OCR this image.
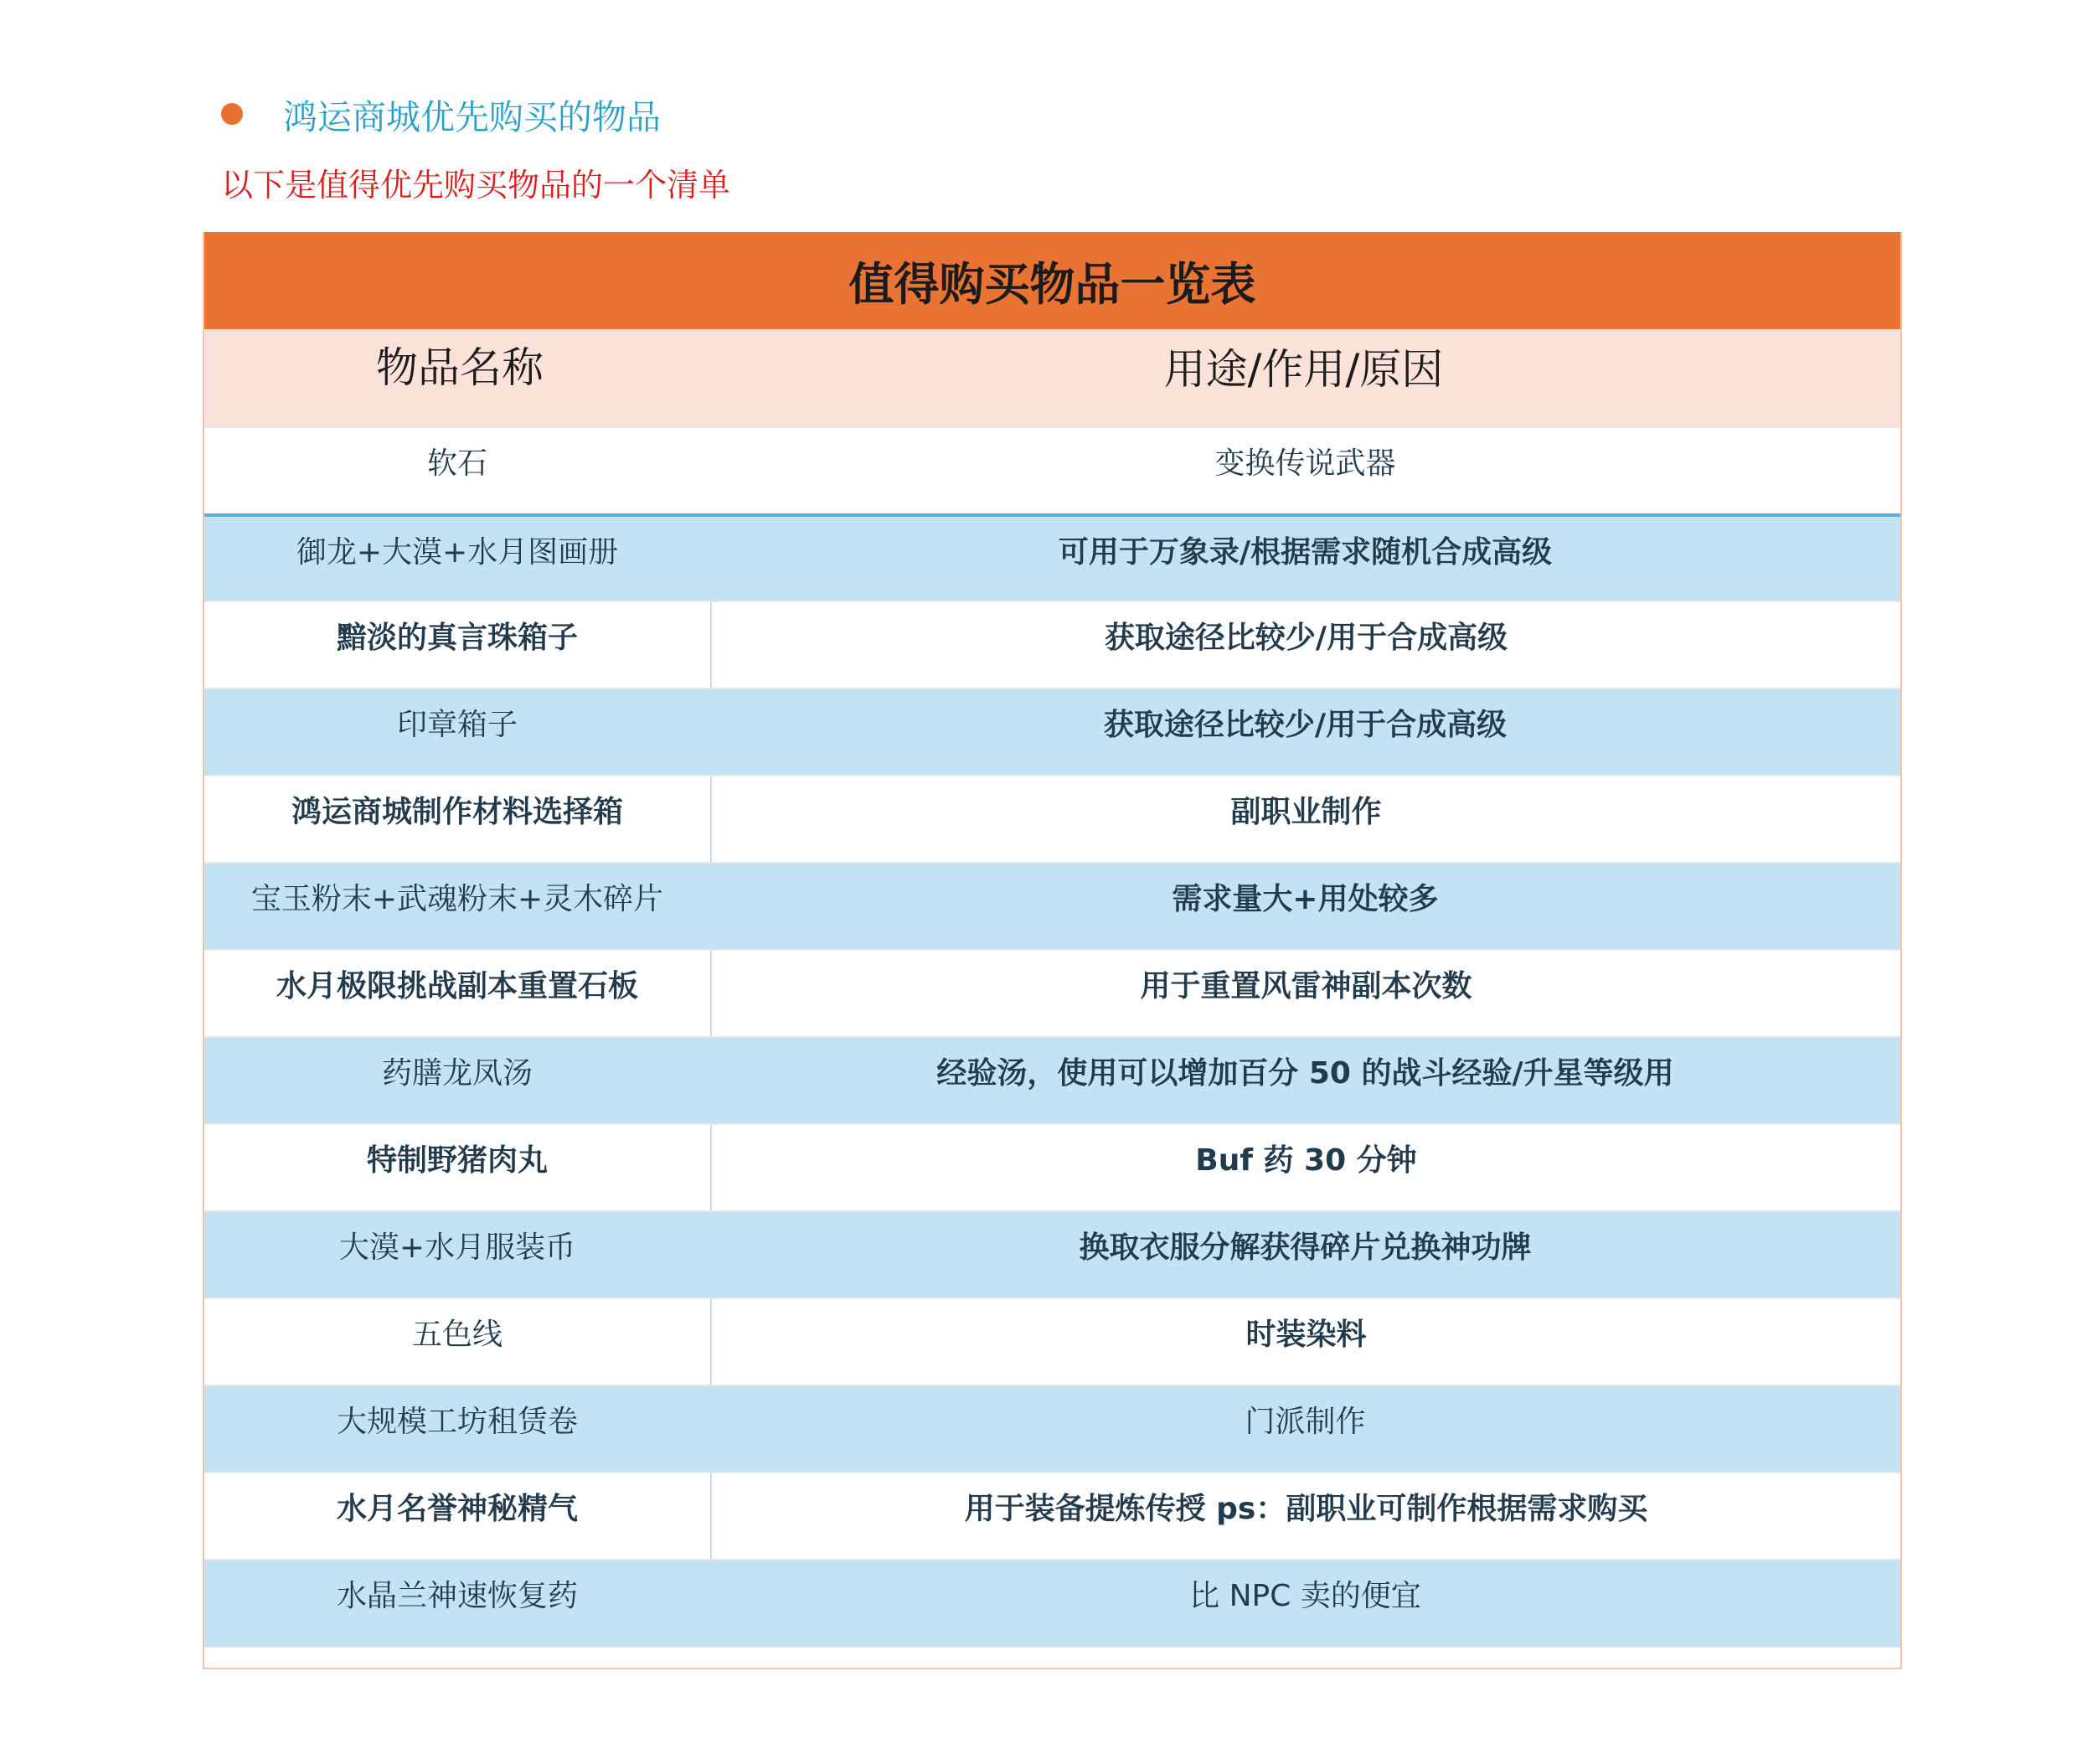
鸿运商城优先购买的物品
以下是值得优先购买物品的一个清单
值得购买物品一览表
物品名称	用途/作用/原因
软石	变换传说武器
御龙+大漠+水月图画册	可用于万象录/根据需求随机合成高级
黯淡的真言珠箱子	获取途径比较少/用于合成高级
印章箱子	获取途径比较少/用于合成高级
鸿运商城制作材料选择箱	副职业制作
宝玉粉末+武魂粉末+灵木碎片	需求量大+用处较多
水月极限挑战副本重置石板	用于重置风雷神副本次数
药膳龙凤汤	经验汤，使用可以增加百分 50 的战斗经验/升星等级用
特制野猪肉丸	Buf 药 30 分钟
大漠+水月服装币	换取衣服分解获得碎片兑换神功牌
五色线	时装染料
大规模工坊租赁卷	门派制作
水月名誉神秘精气	用于装备提炼传授 ps：副职业可制作根据需求购买
水晶兰神速恢复药	比 NPC 卖的便宜
